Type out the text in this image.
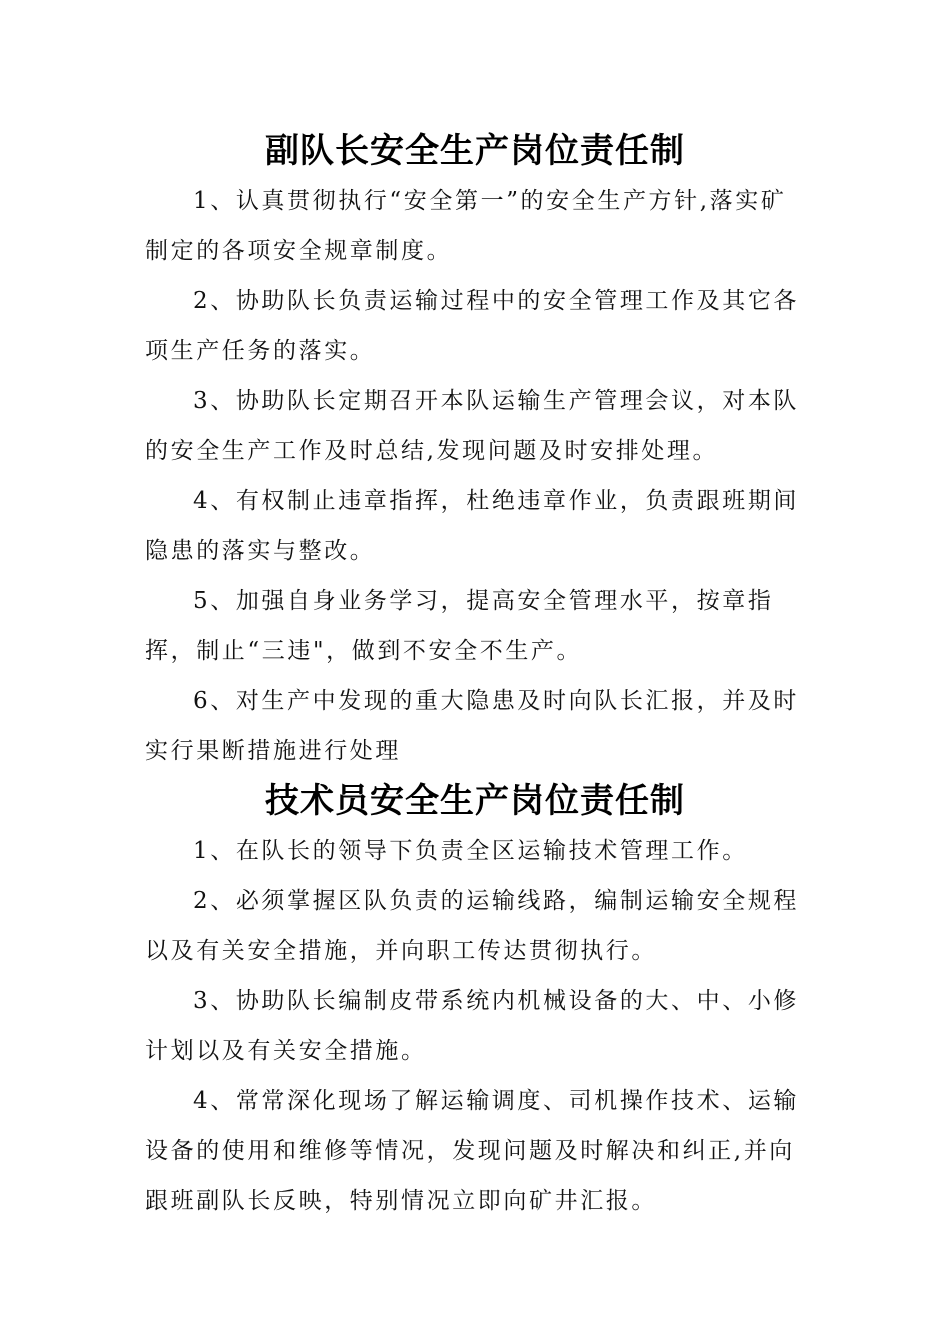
副队长安全生产岗位责任制

1、认真贯彻执行“安全第一”的安全生产方针,落实矿制定的各项安全规章制度。

2、协助队长负责运输过程中的安全管理工作及其它各项生产任务的落实。

3、协助队长定期召开本队运输生产管理会议，对本队的安全生产工作及时总结,发现问题及时安排处理。

4、有权制止违章指挥，杜绝违章作业，负责跟班期间隐患的落实与整改。

5、加强自身业务学习，提高安全管理水平，按章指挥，制止“三违"，做到不安全不生产。

6、对生产中发现的重大隐患及时向队长汇报，并及时实行果断措施进行处理

技术员安全生产岗位责任制

1、在队长的领导下负责全区运输技术管理工作。

2、必须掌握区队负责的运输线路，编制运输安全规程以及有关安全措施，并向职工传达贯彻执行。

3、协助队长编制皮带系统内机械设备的大、中、小修计划以及有关安全措施。

4、常常深化现场了解运输调度、司机操作技术、运输设备的使用和维修等情况，发现问题及时解决和纠正,并向跟班副队长反映，特别情况立即向矿井汇报。
